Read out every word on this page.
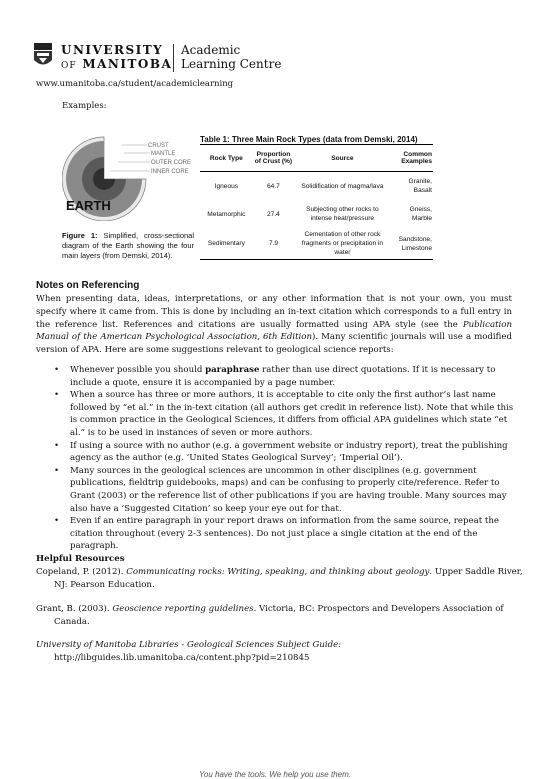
UNIVERSITY
OF MANITOBA
Academic
Learning Centre
www.umanitoba.ca/student/academiclearning
Examples:
CRUST
MANTLE
OUTER CORE
INNER CORE
EARTH
Figure 1: Simplified, cross-sectional diagram of the Earth showing the four main layers (from Demski, 2014).
Table 1: Three Main Rock Types (data from Demski, 2014)
Rock Type	Proportion of Crust (%)	Source	Common Examples
Igneous	64.7	Solidification of magma/lava	Granite, Basalt
Metamorphic	27.4	Subjecting other rocks to intense heat/pressure	Gneiss, Marble
Sedimentary	7.9	Cementation of other rock fragments or precipitation in water	Sandstone, Limestone
Notes on Referencing
When presenting data, ideas, interpretations, or any other information that is not your own, you must specify where it came from. This is done by including an in-text citation which corresponds to a full entry in the reference list. References and citations are usually formatted using APA style (see the Publication Manual of the American Psychological Association, 6th Edition). Many scientific journals will use a modified version of APA. Here are some suggestions relevant to geological science reports:
• Whenever possible you should paraphrase rather than use direct quotations. If it is necessary to include a quote, ensure it is accompanied by a page number.
• When a source has three or more authors, it is acceptable to cite only the first author’s last name followed by “et al.” in the in-text citation (all authors get credit in reference list). Note that while this is common practice in the Geological Sciences, it differs from official APA guidelines which state “et al.” is to be used in instances of seven or more authors.
• If using a source with no author (e.g. a government website or industry report), treat the publishing agency as the author (e.g. ‘United States Geological Survey’; ‘Imperial Oil’).
• Many sources in the geological sciences are uncommon in other disciplines (e.g. government publications, fieldtrip guidebooks, maps) and can be confusing to properly cite/reference. Refer to Grant (2003) or the reference list of other publications if you are having trouble. Many sources may also have a ‘Suggested Citation’ so keep your eye out for that.
• Even if an entire paragraph in your report draws on information from the same source, repeat the citation throughout (every 2-3 sentences). Do not just place a single citation at the end of the paragraph.
Helpful Resources
Copeland, P. (2012). Communicating rocks: Writing, speaking, and thinking about geology. Upper Saddle River, NJ: Pearson Education.
Grant, B. (2003). Geoscience reporting guidelines. Victoria, BC: Prospectors and Developers Association of Canada.
University of Manitoba Libraries - Geological Sciences Subject Guide:
http://libguides.lib.umanitoba.ca/content.php?pid=210845
You have the tools. We help you use them.
